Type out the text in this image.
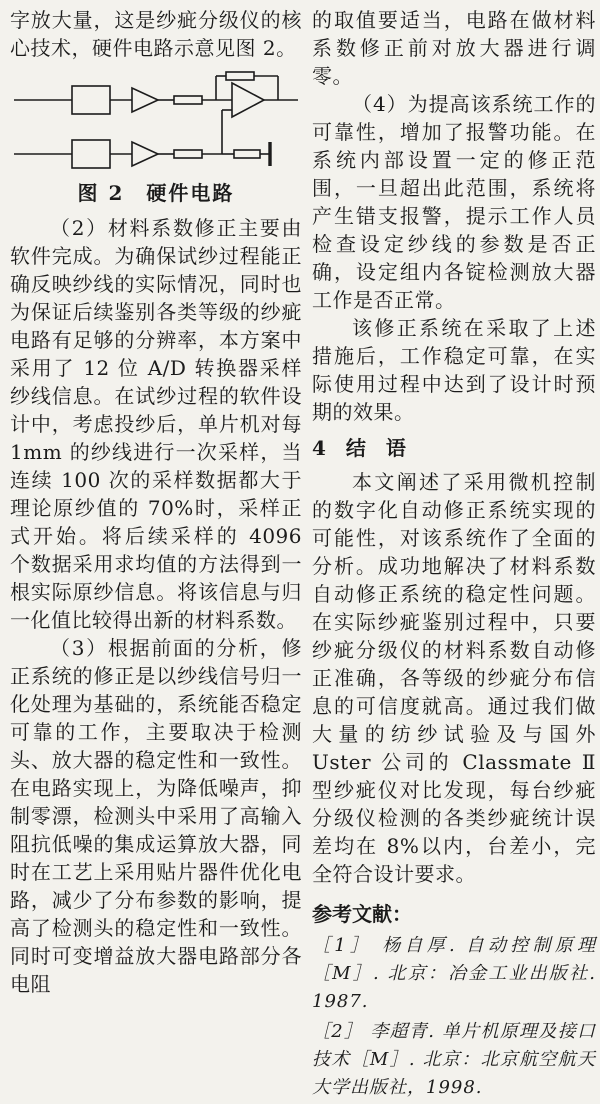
字放大量，这是纱疵分级仪的核心技术，硬件电路示意见图 2。

图 2　硬件电路

（2）材料系数修正主要由软件完成。为确保试纱过程能正确反映纱线的实际情况，同时也为保证后续鉴别各类等级的纱疵电路有足够的分辨率，本方案中采用了 12 位 A/D 转换器采样纱线信息。在试纱过程的软件设计中，考虑投纱后，单片机对每 1mm 的纱线进行一次采样，当连续 100 次的采样数据都大于理论原纱值的 70%时，采样正式开始。将后续采样的 4096 个数据采用求均值的方法得到一根实际原纱信息。将该信息与归一化值比较得出新的材料系数。

（3）根据前面的分析，修正系统的修正是以纱线信号归一化处理为基础的，系统能否稳定可靠的工作，主要取决于检测头、放大器的稳定性和一致性。在电路实现上，为降低噪声，抑制零漂，检测头中采用了高输入阻抗低噪的集成运算放大器，同时在工艺上采用贴片器件优化电路，减少了分布参数的影响，提高了检测头的稳定性和一致性。同时可变增益放大器电路部分各电阻

的取值要适当，电路在做材料系数修正前对放大器进行调零。

（4）为提高该系统工作的可靠性，增加了报警功能。在系统内部设置一定的修正范围，一旦超出此范围，系统将产生错支报警，提示工作人员检查设定纱线的参数是否正确，设定组内各锭检测放大器工作是否正常。

该修正系统在采取了上述措施后，工作稳定可靠，在实际使用过程中达到了设计时预期的效果。

4　结　语

本文阐述了采用微机控制的数字化自动修正系统实现的可能性，对该系统作了全面的分析。成功地解决了材料系数自动修正系统的稳定性问题。在实际纱疵鉴别过程中，只要纱疵分级仪的材料系数自动修正准确，各等级的纱疵分布信息的可信度就高。通过我们做大量的纺纱试验及与国外 Uster 公司的 Classmate Ⅱ 型纱疵仪对比发现，每台纱疵分级仪检测的各类纱疵统计误差均在 8%以内，台差小，完全符合设计要求。

参考文献：

［1］ 杨自厚. 自动控制原理［M］. 北京：冶金工业出版社. 1987.

［2］ 李超青. 单片机原理及接口技术［M］. 北京：北京航空航天大学出版社，1998.
